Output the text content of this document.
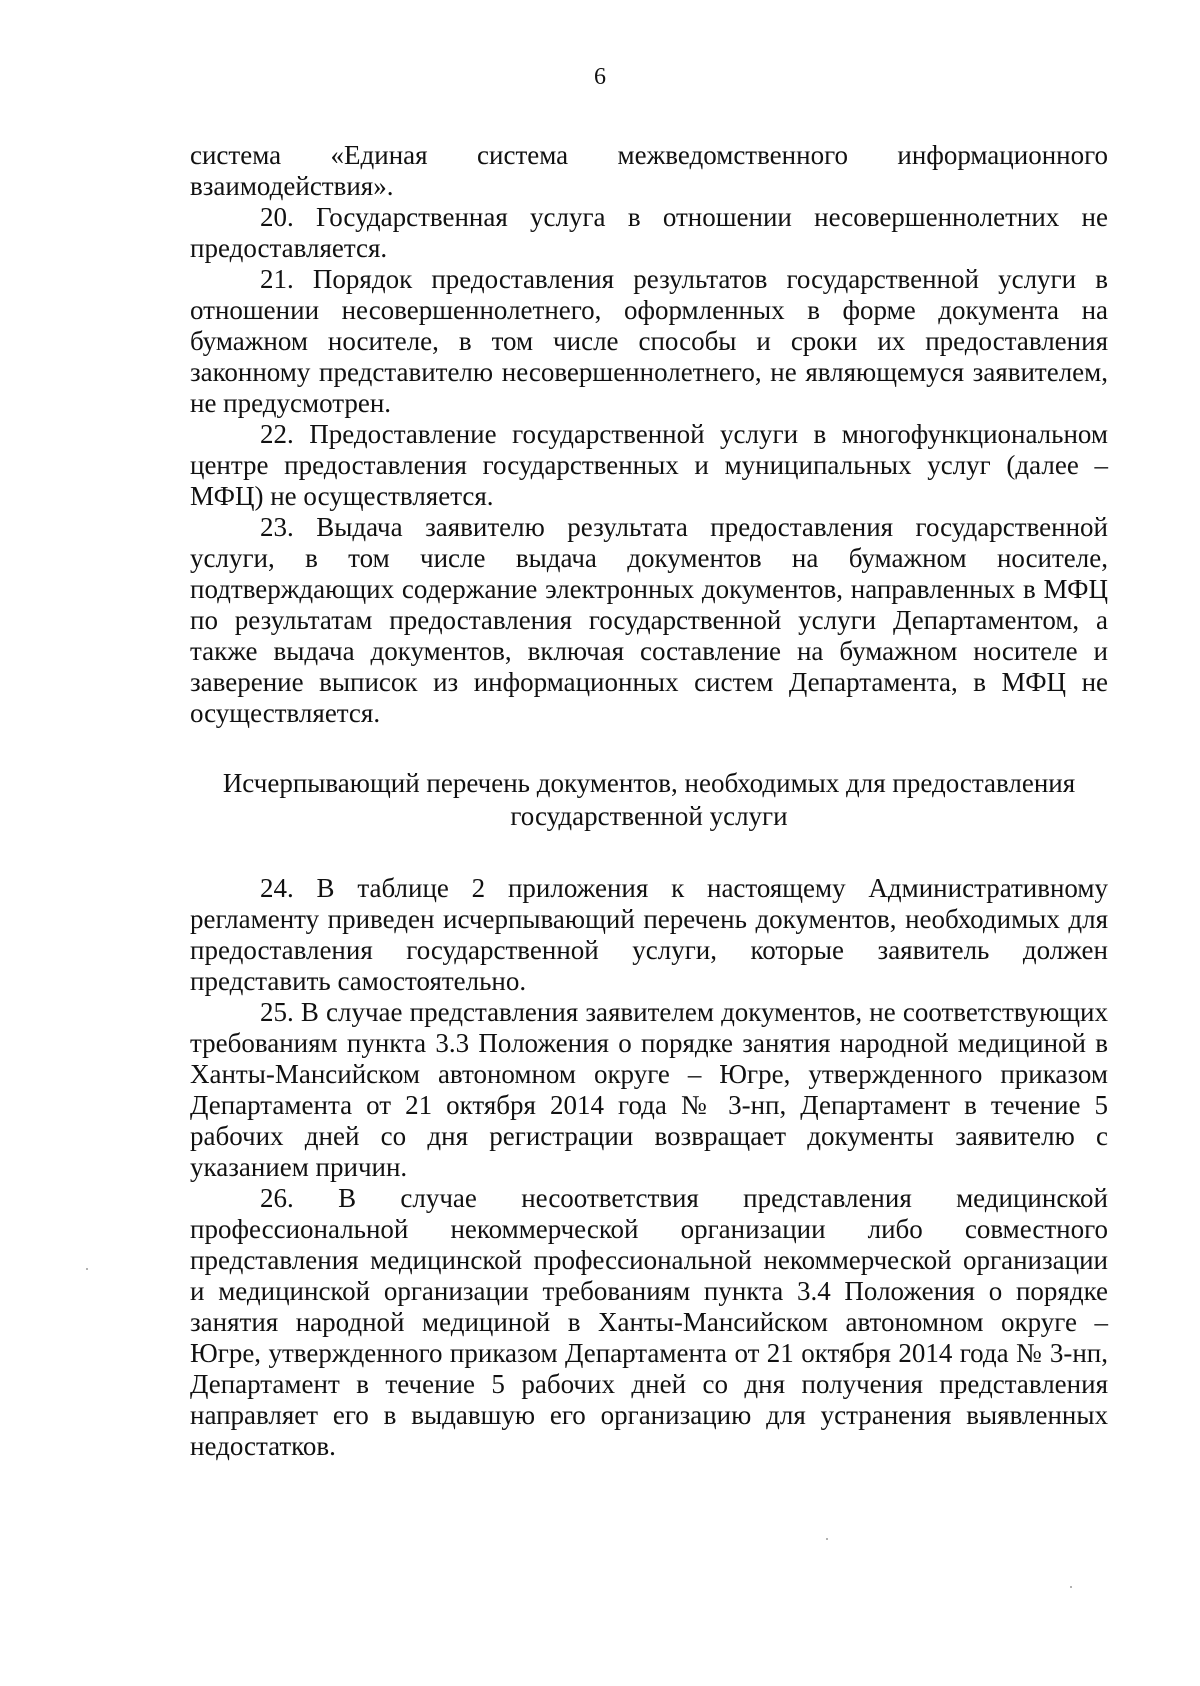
6

система «Единая система межведомственного информационного взаимодействия».

20. Государственная услуга в отношении несовершеннолетних не предоставляется.

21. Порядок предоставления результатов государственной услуги в отношении несовершеннолетнего, оформленных в форме документа на бумажном носителе, в том числе способы и сроки их предоставления законному представителю несовершеннолетнего, не являющемуся заявителем, не предусмотрен.

22. Предоставление государственной услуги в многофункциональном центре предоставления государственных и муниципальных услуг (далее – МФЦ) не осуществляется.

23. Выдача заявителю результата предоставления государственной услуги, в том числе выдача документов на бумажном носителе, подтверждающих содержание электронных документов, направленных в МФЦ по результатам предоставления государственной услуги Департаментом, а также выдача документов, включая составление на бумажном носителе и заверение выписок из информационных систем Департамента, в МФЦ не осуществляется.

Исчерпывающий перечень документов, необходимых для предоставления
государственной услуги

24. В таблице 2 приложения к настоящему Административному регламенту приведен исчерпывающий перечень документов, необходимых для предоставления государственной услуги, которые заявитель должен представить самостоятельно.

25. В случае представления заявителем документов, не соответствующих требованиям пункта 3.3 Положения о порядке занятия народной медициной в Ханты-Мансийском автономном округе – Югре, утвержденного приказом Департамента от 21 октября 2014 года № 3-нп, Департамент в течение 5 рабочих дней со дня регистрации возвращает документы заявителю с указанием причин.

26. В случае несоответствия представления медицинской профессиональной некоммерческой организации либо совместного представления медицинской профессиональной некоммерческой организации и медицинской организации требованиям пункта 3.4 Положения о порядке занятия народной медициной в Ханты-Мансийском автономном округе – Югре, утвержденного приказом Департамента от 21 октября 2014 года № 3-нп, Департамент в течение 5 рабочих дней со дня получения представления направляет его в выдавшую его организацию для устранения выявленных недостатков.
